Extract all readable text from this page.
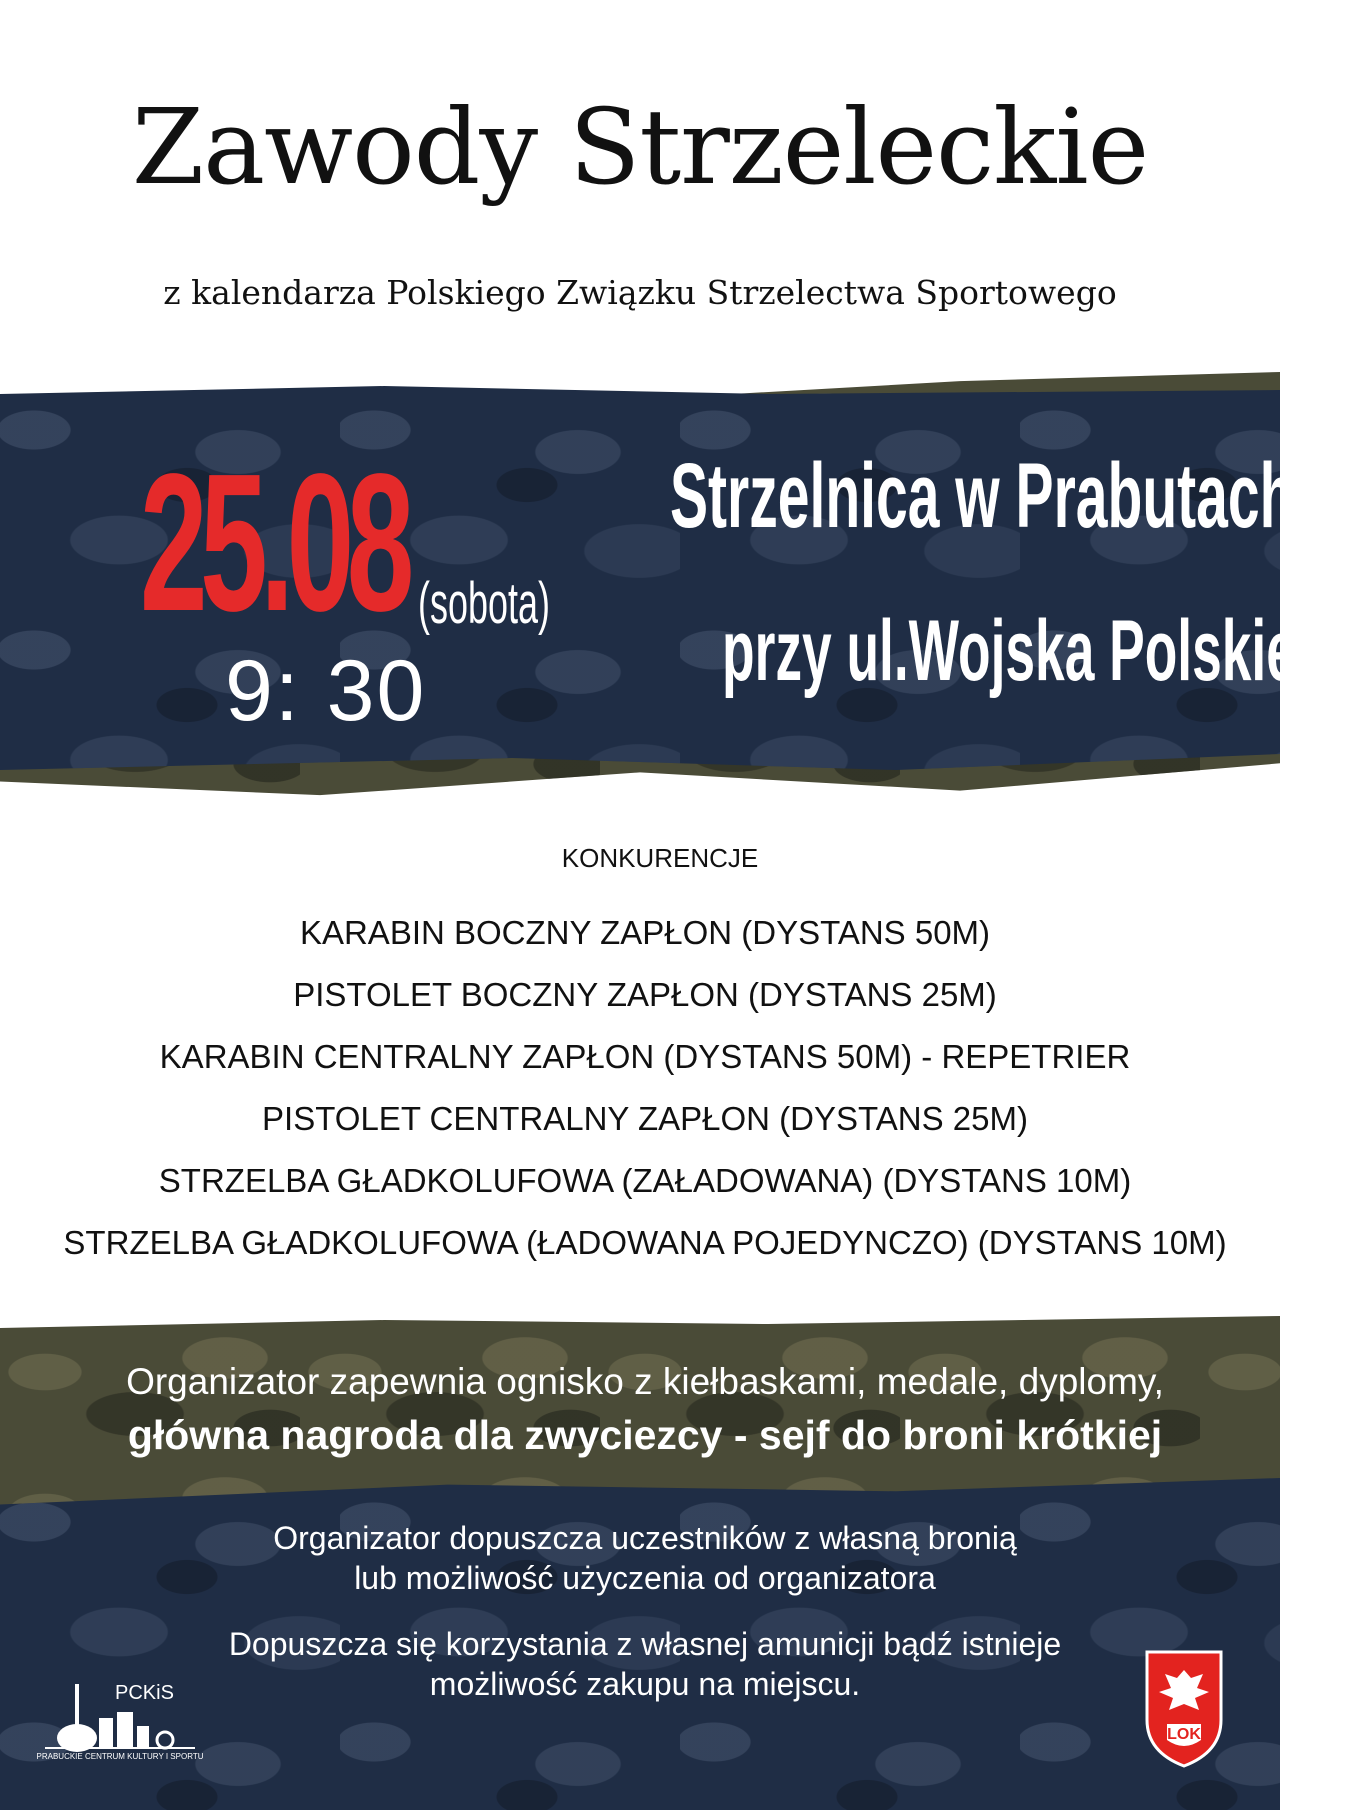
Zawody Strzeleckie
z kalendarza Polskiego Związku Strzelectwa Sportowego
25.08 (sobota)
9: 30
Strzelnica w Prabutach
przy ul.Wojska Polskiego
KONKURENCJE
KARABIN BOCZNY ZAPŁON (DYSTANS 50M)
PISTOLET BOCZNY ZAPŁON (DYSTANS 25M)
KARABIN CENTRALNY ZAPŁON (DYSTANS 50M) - REPETRIER
PISTOLET CENTRALNY ZAPŁON (DYSTANS 25M)
STRZELBA GŁADKOLUFOWA (ZAŁADOWANA) (DYSTANS 10M)
STRZELBA GŁADKOLUFOWA (ŁADOWANA POJEDYNCZO) (DYSTANS 10M)
Organizator zapewnia ognisko z kiełbaskami, medale, dyplomy,
główna nagroda dla zwyciezcy - sejf do broni krótkiej
Organizator dopuszcza uczestników z własną bronią
lub możliwość użyczenia od organizatora
Dopuszcza się korzystania z własnej amunicji bądź istnieje
możliwość zakupu na miejscu.
PCKiS
PRABUCKIE CENTRUM KULTURY I SPORTU
LOK
